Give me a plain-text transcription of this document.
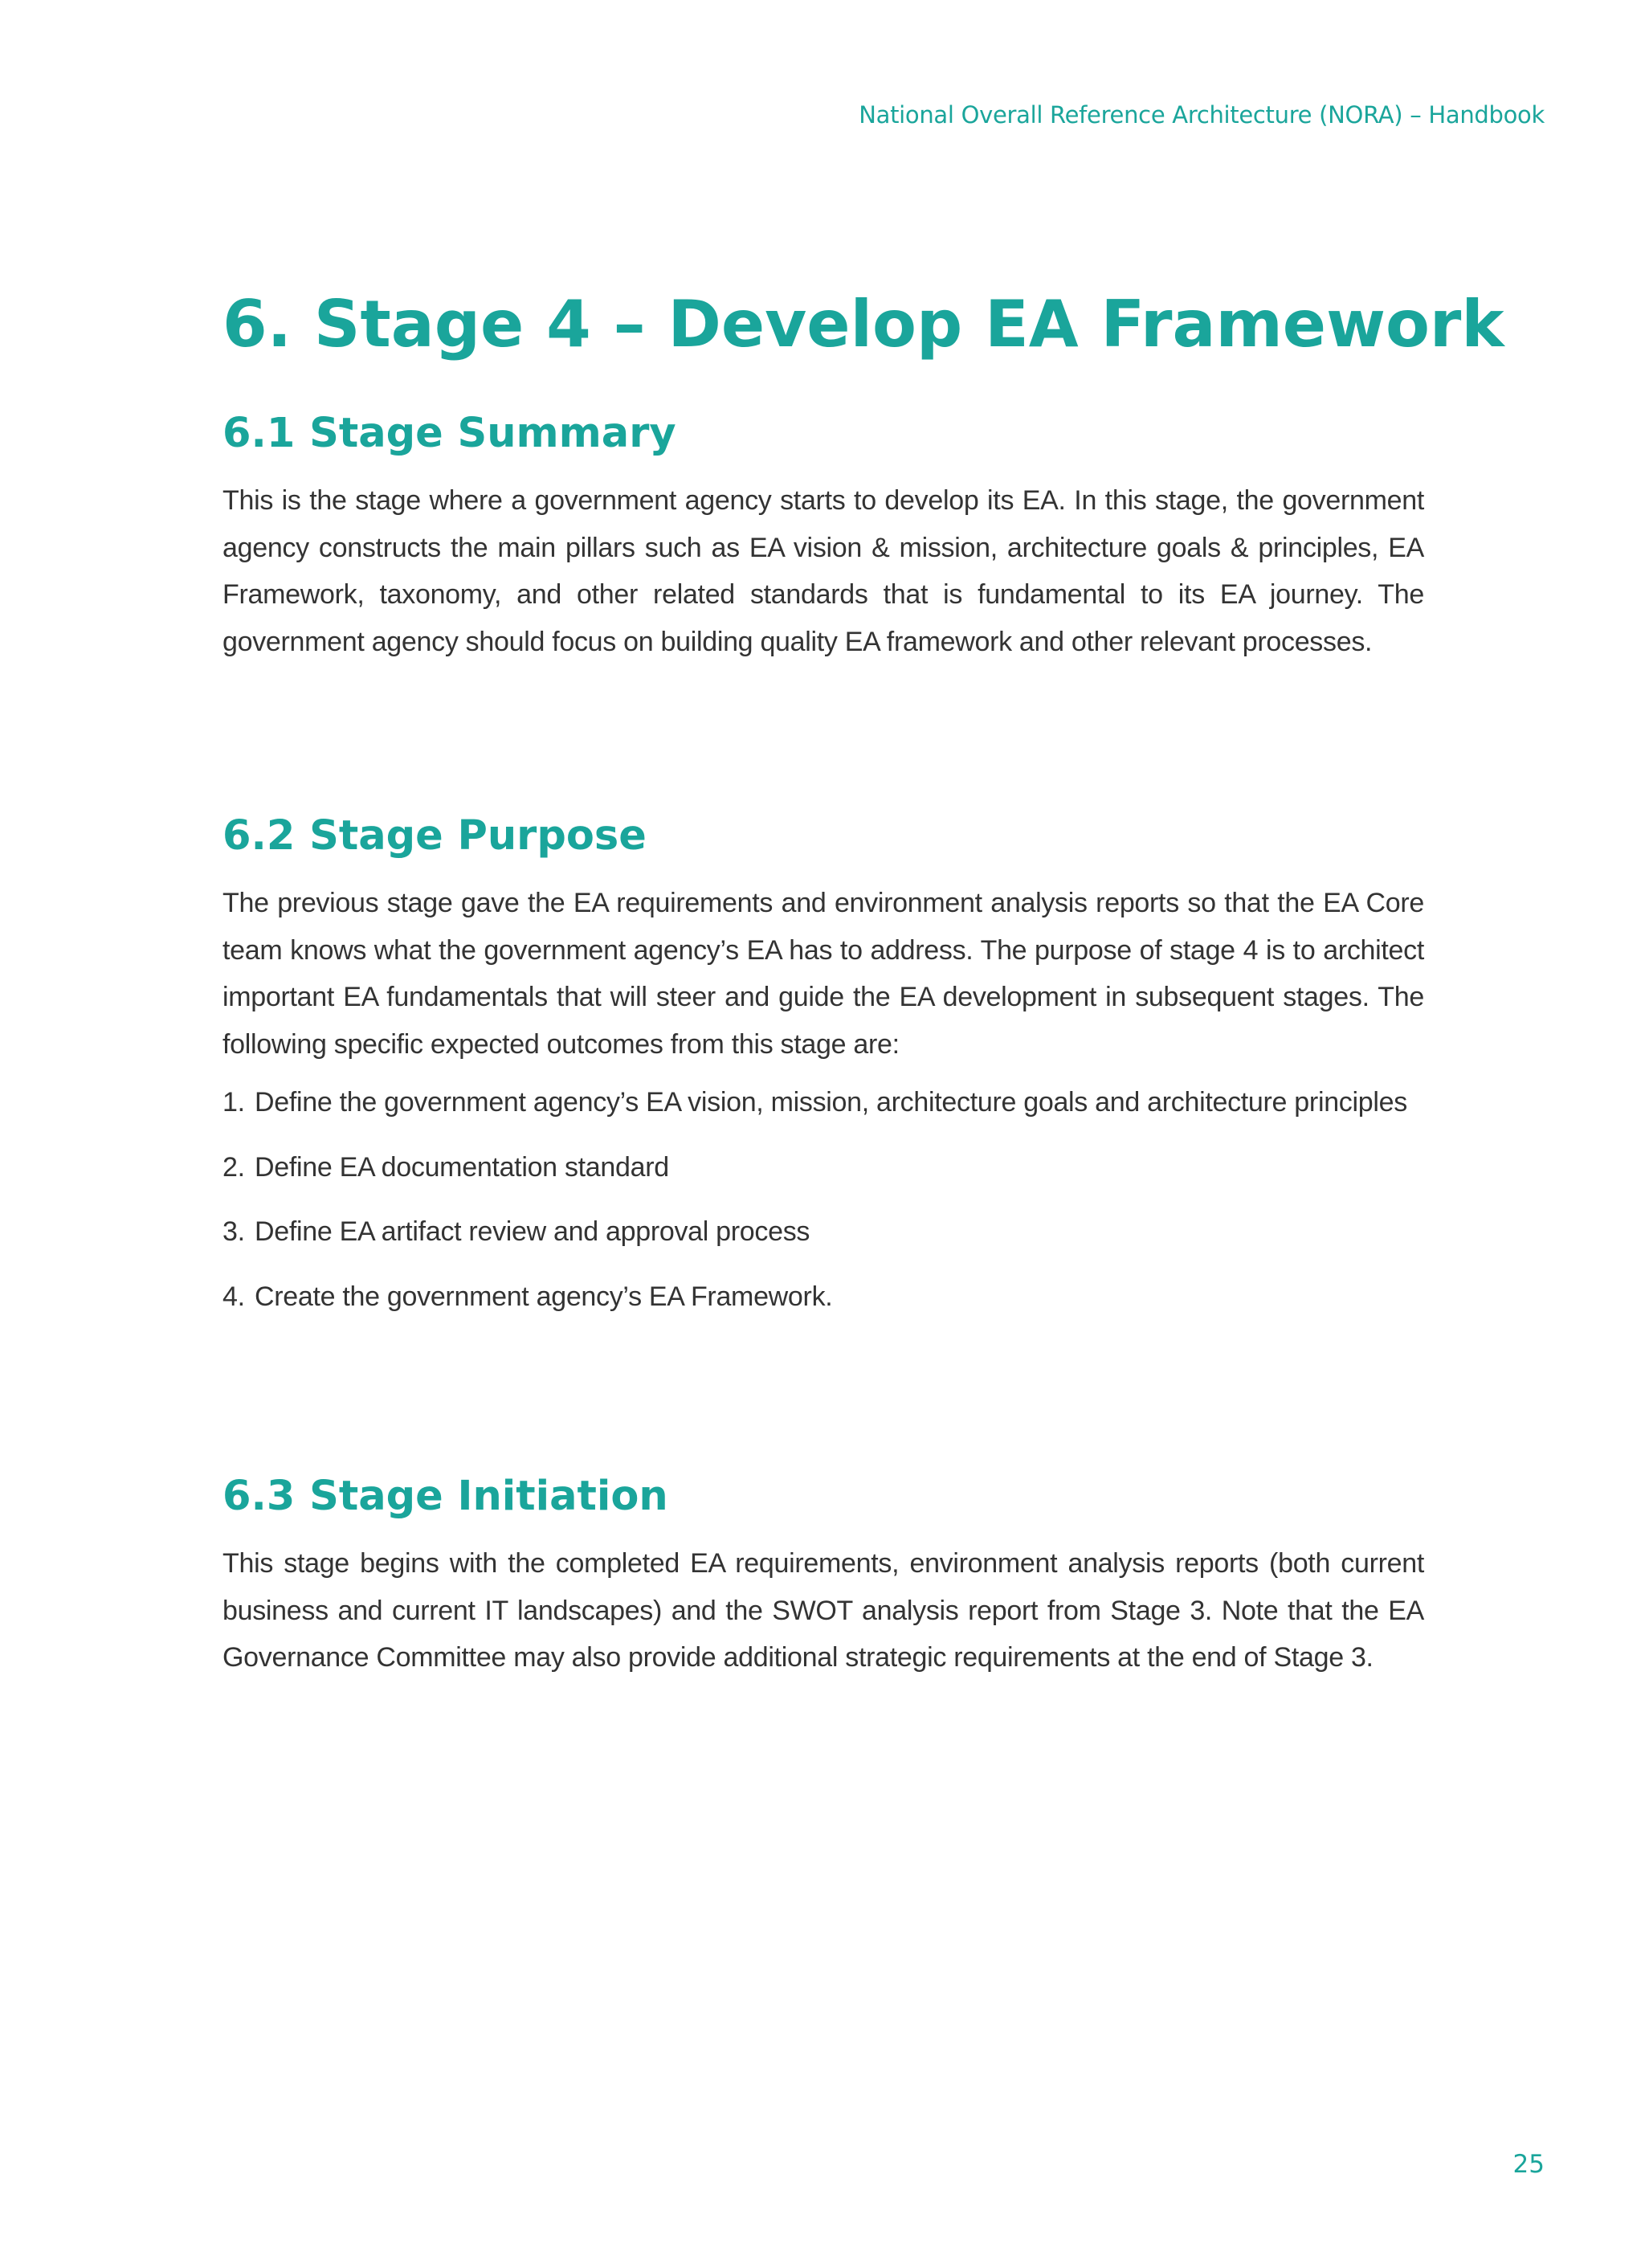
National Overall Reference Architecture (NORA) – Handbook
6. Stage 4 – Develop EA Framework
6.1 Stage Summary

This is the stage where a government agency starts to develop its EA. In this stage, the government agency constructs the main pillars such as EA vision & mission, architecture goals & principles, EA Framework, taxonomy, and other related standards that is fundamental to its EA journey. The government agency should focus on building quality EA framework and other relevant processes.

6.2 Stage Purpose

The previous stage gave the EA requirements and environment analysis reports so that the EA Core team knows what the government agency’s EA has to address. The purpose of stage 4 is to architect important EA fundamentals that will steer and guide the EA development in subsequent stages. The following specific expected outcomes from this stage are:

1. Define the government agency’s EA vision, mission, architecture goals and architecture principles
2. Define EA documentation standard
3. Define EA artifact review and approval process
4. Create the government agency’s EA Framework.
6.3 Stage Initiation

This stage begins with the completed EA requirements, environment analysis reports (both current business and current IT landscapes) and the SWOT analysis report from Stage 3. Note that the EA Governance Committee may also provide additional strategic requirements at the end of Stage 3.

25
